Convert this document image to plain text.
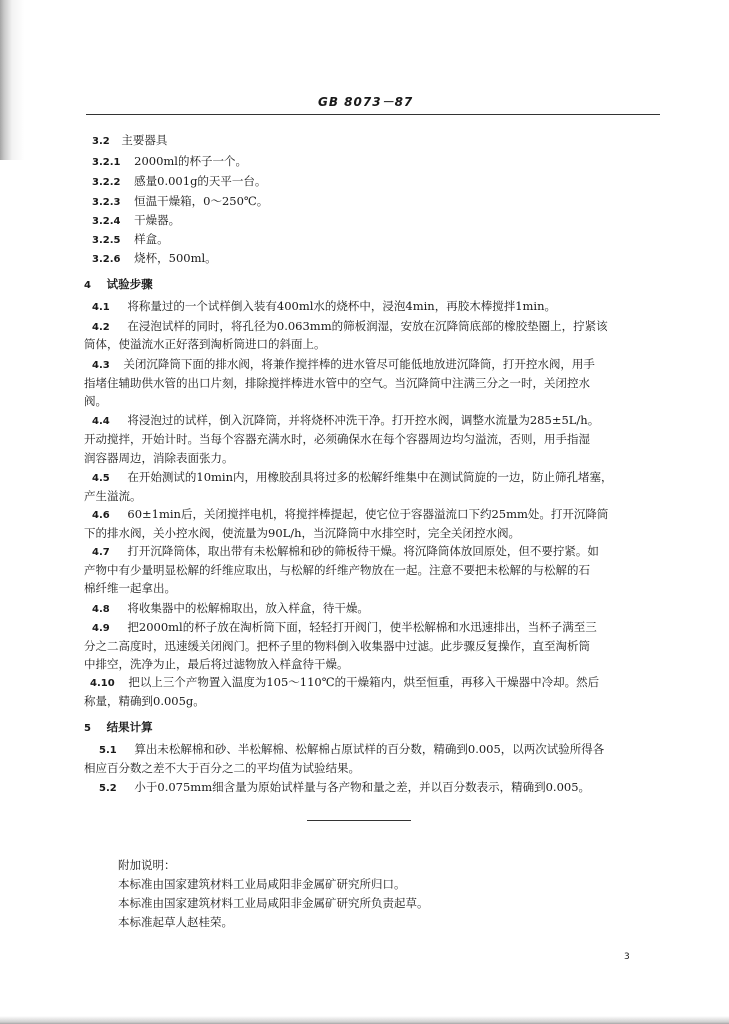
GB 8073－87
3.2 主要器具
3.2.1 2000ml的杯子一个。
3.2.2 感量0.001g的天平一台。
3.2.3 恒温干燥箱，0～250℃。
3.2.4 干燥器。
3.2.5 样盒。
3.2.6 烧杯，500ml。
4 试验步骤
4.1 将称量过的一个试样倒入装有400ml水的烧杯中，浸泡4min，再胶木棒搅拌1min。
4.2 在浸泡试样的同时，将孔径为0.063mm的筛板润湿，安放在沉降筒底部的橡胶垫圈上，拧紧该
筒体，使溢流水正好落到淘析筒进口的斜面上。
4.3 关闭沉降筒下面的排水阀，将兼作搅拌棒的进水管尽可能低地放进沉降筒，打开控水阀，用手
指堵住辅助供水管的出口片刻，排除搅拌棒进水管中的空气。当沉降筒中注满三分之一时，关闭控水
阀。
4.4 将浸泡过的试样，倒入沉降筒，并将烧杯冲洗干净。打开控水阀，调整水流量为285±5L/h。
开动搅拌，开始计时。当每个容器充满水时，必须确保水在每个容器周边均匀溢流，否则，用手指湿
润容器周边，消除表面张力。
4.5 在开始测试的10min内，用橡胶刮具将过多的松解纤维集中在测试筒旋的一边，防止筛孔堵塞，
产生溢流。
4.6 60±1min后，关闭搅拌电机，将搅拌棒提起，使它位于容器溢流口下约25mm处。打开沉降筒
下的排水阀，关小控水阀，使流量为90L/h，当沉降筒中水排空时，完全关闭控水阀。
4.7 打开沉降筒体，取出带有未松解棉和砂的筛板待干燥。将沉降筒体放回原处，但不要拧紧。如
产物中有少量明显松解的纤维应取出，与松解的纤维产物放在一起。注意不要把未松解的与松解的石
棉纤维一起拿出。
4.8 将收集器中的松解棉取出，放入样盒，待干燥。
4.9 把2000ml的杯子放在淘析筒下面，轻轻打开阀门，使半松解棉和水迅速排出，当杯子满至三
分之二高度时，迅速缓关闭阀门。把杯子里的物料倒入收集器中过滤。此步骤反复操作，直至淘析筒
中排空，洗净为止，最后将过滤物放入样盒待干燥。
4.10 把以上三个产物置入温度为105～110℃的干燥箱内，烘至恒重，再移入干燥器中冷却。然后
称量，精确到0.005g。
5 结果计算
5.1 算出未松解棉和砂、半松解棉、松解棉占原试样的百分数，精确到0.005，以两次试验所得各
相应百分数之差不大于百分之二的平均值为试验结果。
5.2 小于0.075mm细含量为原始试样量与各产物和量之差，并以百分数表示，精确到0.005。
附加说明：
本标准由国家建筑材料工业局咸阳非金属矿研究所归口。
本标准由国家建筑材料工业局咸阳非金属矿研究所负责起草。
本标准起草人赵桂荣。
3
